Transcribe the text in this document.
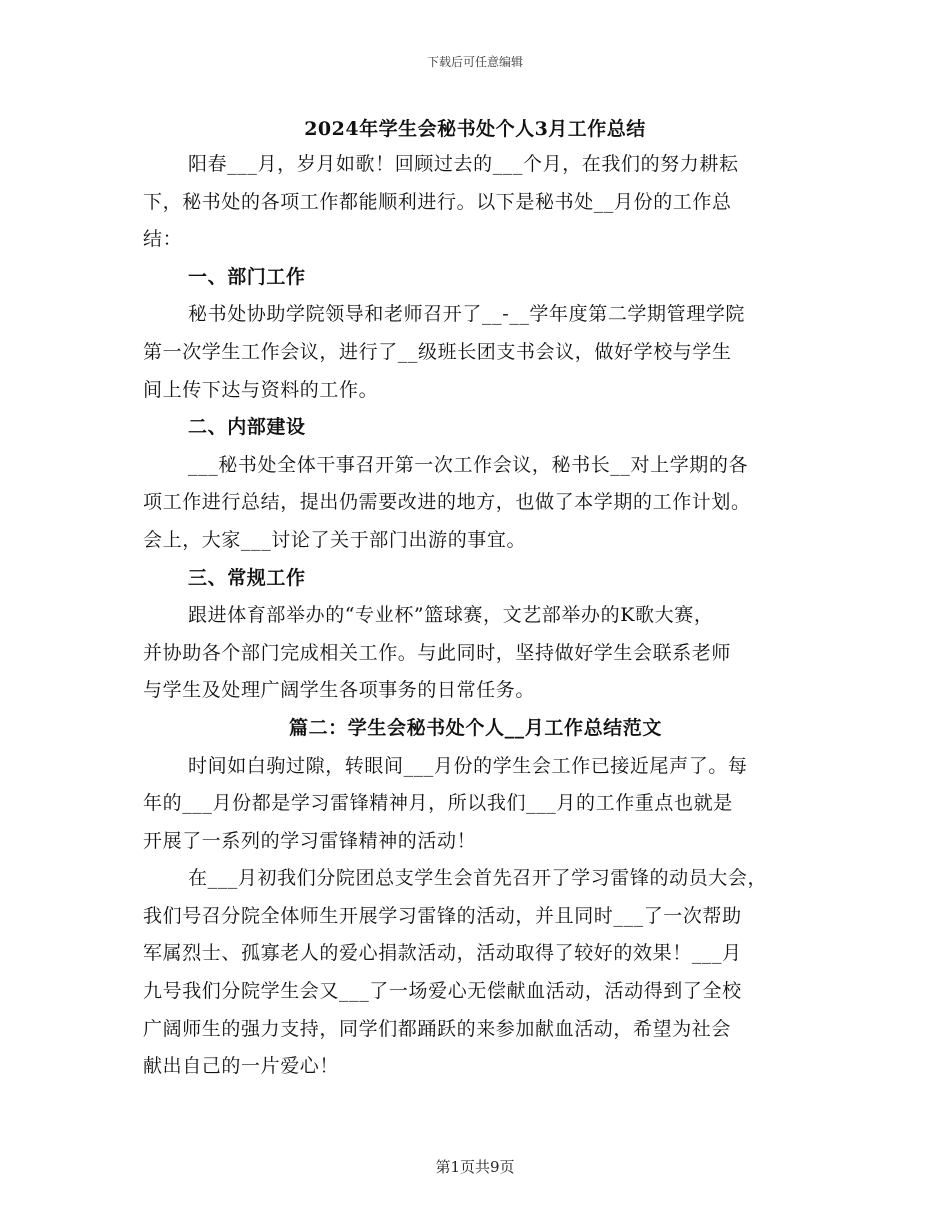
下载后可任意编辑
2024年学生会秘书处个人3月工作总结
阳春___月，岁月如歌！回顾过去的___个月，在我们的努力耕耘
下，秘书处的各项工作都能顺利进行。以下是秘书处__月份的工作总
结：
一、部门工作
秘书处协助学院领导和老师召开了__-__学年度第二学期管理学院
第一次学生工作会议，进行了__级班长团支书会议，做好学校与学生
间上传下达与资料的工作。
二、内部建设
___秘书处全体干事召开第一次工作会议，秘书长__对上学期的各
项工作进行总结，提出仍需要改进的地方，也做了本学期的工作计划。
会上，大家___讨论了关于部门出游的事宜。
三、常规工作
跟进体育部举办的“专业杯”篮球赛，文艺部举办的K歌大赛，
并协助各个部门完成相关工作。与此同时，坚持做好学生会联系老师
与学生及处理广阔学生各项事务的日常任务。
篇二：学生会秘书处个人__月工作总结范文
时间如白驹过隙，转眼间___月份的学生会工作已接近尾声了。每
年的___月份都是学习雷锋精神月，所以我们___月的工作重点也就是
开展了一系列的学习雷锋精神的活动！
在___月初我们分院团总支学生会首先召开了学习雷锋的动员大会，
我们号召分院全体师生开展学习雷锋的活动，并且同时___了一次帮助
军属烈士、孤寡老人的爱心捐款活动，活动取得了较好的效果！___月
九号我们分院学生会又___了一场爱心无偿献血活动，活动得到了全校
广阔师生的强力支持，同学们都踊跃的来参加献血活动，希望为社会
献出自己的一片爱心！
第1页共9页
